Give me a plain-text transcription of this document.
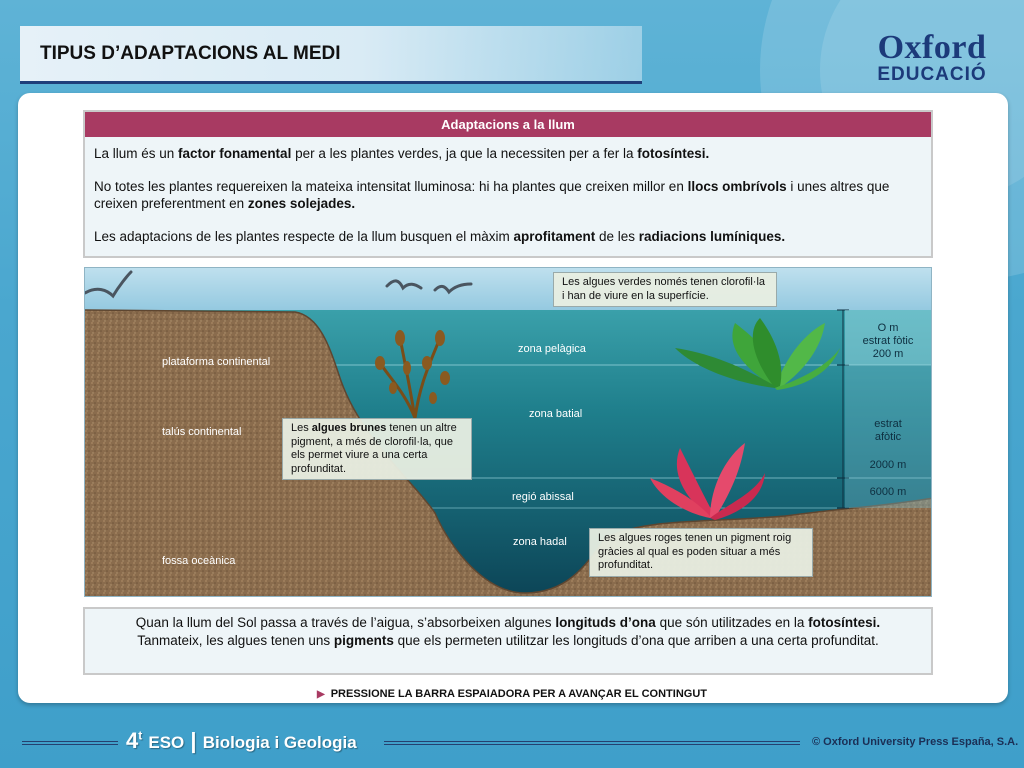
TIPUS D’ADAPTACIONS AL MEDI	Oxford
EDUCACIÓ
Adaptacions a la llum

La llum és un factor fonamental per a les plantes verdes, ja que la necessiten per a fer la fotosíntesi.

No totes les plantes requereixen la mateixa intensitat lluminosa: hi ha plantes que creixen millor en llocs ombrívols i unes altres que creixen preferentment en zones solejades.

Les adaptacions de les plantes respecte de la llum busquen el màxim aprofitament de les radiacions lumíniques.

plataforma continental
talús continental
fossa oceànica
zona pelàgica
zona batial
regió abissal
zona hadal
O m
estrat fòtic
200 m
estrat
afòtic
2000 m
6000 m
Les algues verdes només tenen clorofil·la i han de viure en la superfície.
Les algues brunes tenen un altre pigment, a més de clorofil·la, que els permet viure a una certa profunditat.
Les algues roges tenen un pigment roig gràcies al qual es poden situar a més profunditat.
Quan la llum del Sol passa a través de l’aigua, s’absorbeixen algunes longituds d’ona que són utilitzades en la fotosíntesi.
Tanmateix, les algues tenen uns pigments que els permeten utilitzar les longituds d’ona que arriben a una certa profunditat.
▶ PRESSIONE LA BARRA ESPAIADORA PER A AVANÇAR EL CONTINGUT
4$^t$ ESO | Biologia i Geologia	© Oxford University Press España, S.A.
